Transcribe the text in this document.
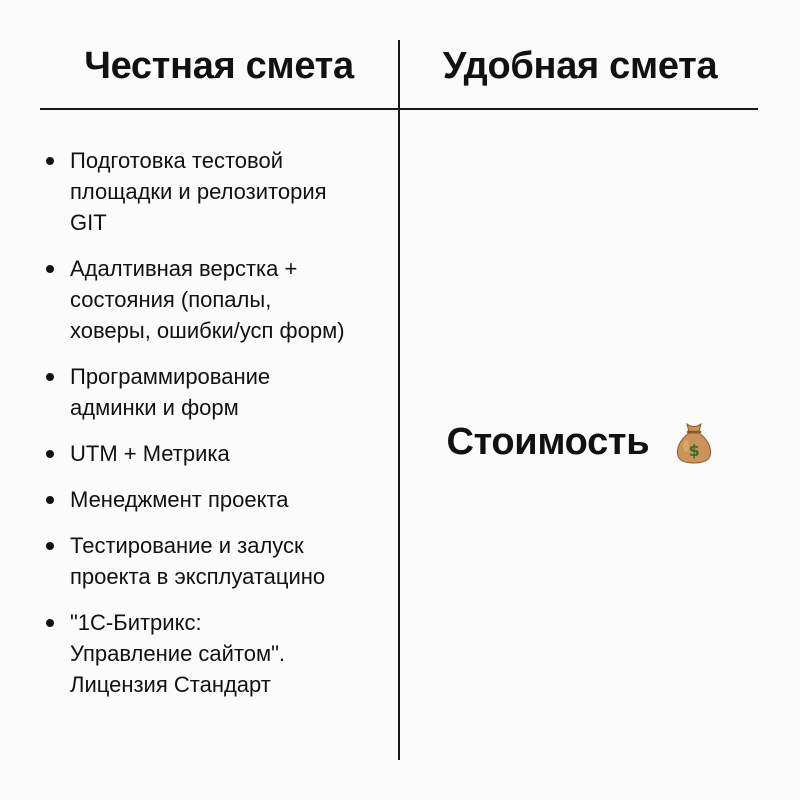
Честная смета	Удобная смета
Подготовка тестовой
площадки и релозитория
GIT
Адалтивная верстка +
состояния (попалы,
ховеры, ошибки/усп форм)
Программирование
админки и форм
UTM + Метрика
Менеджмент проекта
Тестирование и залуск
проекта в эксплуатацино
"1С-Битрикс:
Управление сайтом".
Лицензия Стандарт
Стоимость $
